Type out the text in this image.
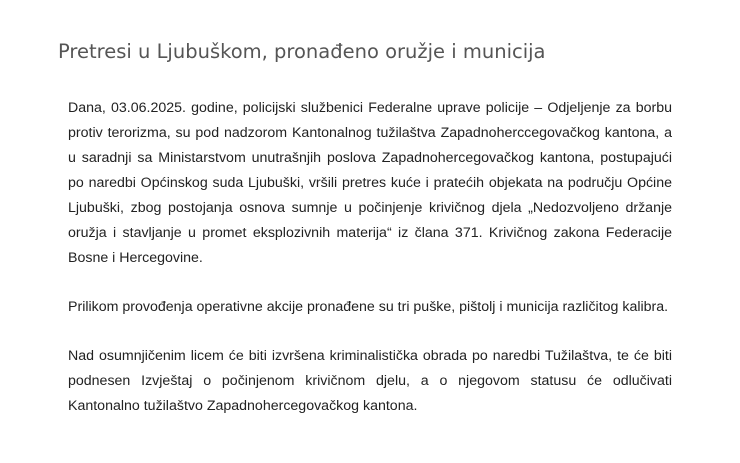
Pretresi u Ljubuškom, pronađeno oružje i municija

Dana, 03.06.2025. godine, policijski službenici Federalne uprave policije – Odjeljenje za borbu protiv terorizma, su pod nadzorom Kantonalnog tužilaštva Zapadnoherccegovačkog kantona, a u saradnji sa Ministarstvom unutrašnjih poslova Zapadnohercegovačkog kantona, postupajući po naredbi Općinskog suda Ljubuški, vršili pretres kuće i pratećih objekata na području Općine Ljubuški, zbog postojanja osnova sumnje u počinjenje krivičnog djela „Nedozvoljeno držanje oružja i stavljanje u promet eksplozivnih materija“ iz člana 371. Krivičnog zakona Federacije Bosne i Hercegovine.

Prilikom provođenja operativne akcije pronađene su tri puške, pištolj i municija različitog kalibra.

Nad osumnjičenim licem će biti izvršena kriminalistička obrada po naredbi Tužilaštva, te će biti podnesen Izvještaj o počinjenom krivičnom djelu, a o njegovom statusu će odlučivati Kantonalno tužilaštvo Zapadnohercegovačkog kantona.
